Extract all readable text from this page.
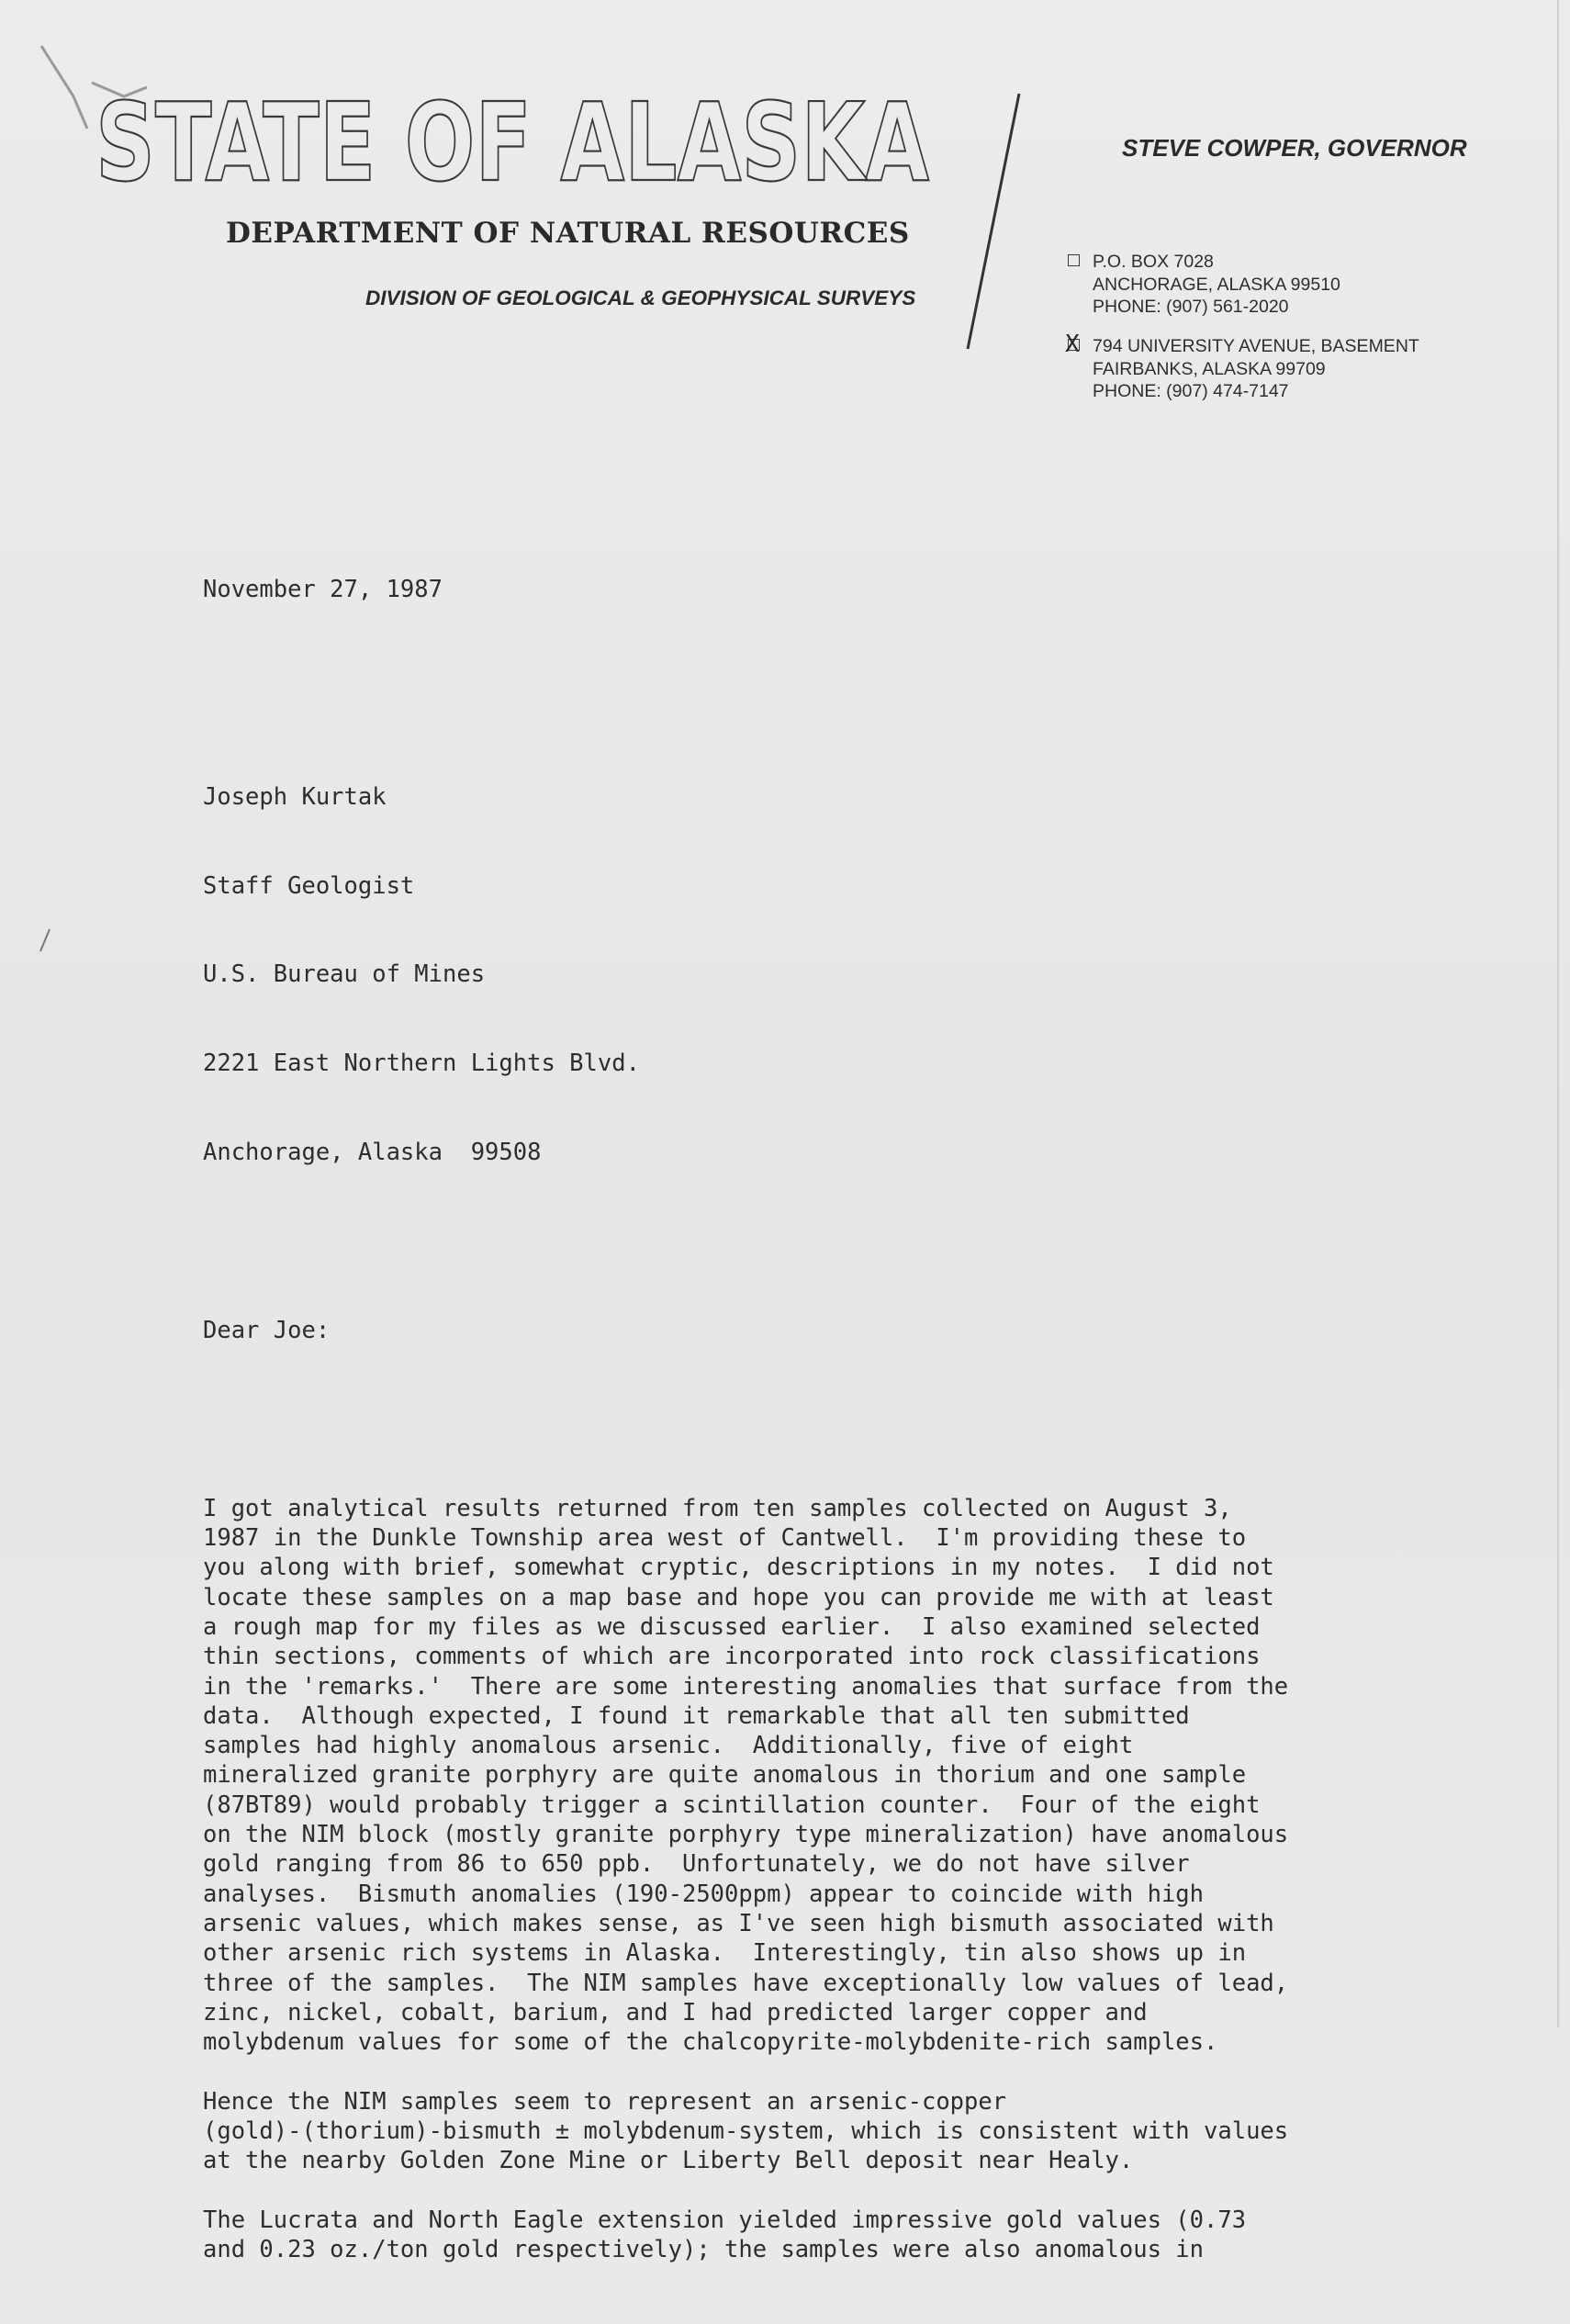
STATE OF ALASKA
DEPARTMENT OF NATURAL RESOURCES
DIVISION OF GEOLOGICAL & GEOPHYSICAL SURVEYS
STEVE COWPER, GOVERNOR
P.O. BOX 7028
ANCHORAGE, ALASKA 99510
PHONE: (907) 561-2020
X 794 UNIVERSITY AVENUE, BASEMENT
FAIRBANKS, ALASKA 99709
PHONE: (907) 474-7147

November 27, 1987

Joseph Kurtak

Staff Geologist

U.S. Bureau of Mines

2221 East Northern Lights Blvd.

Anchorage, Alaska  99508

Dear Joe:

I got analytical results returned from ten samples collected on August 3,
1987 in the Dunkle Township area west of Cantwell.  I'm providing these to
you along with brief, somewhat cryptic, descriptions in my notes.  I did not
locate these samples on a map base and hope you can provide me with at least
a rough map for my files as we discussed earlier.  I also examined selected
thin sections, comments of which are incorporated into rock classifications
in the 'remarks.'  There are some interesting anomalies that surface from the
data.  Although expected, I found it remarkable that all ten submitted
samples had highly anomalous arsenic.  Additionally, five of eight
mineralized granite porphyry are quite anomalous in thorium and one sample
(87BT89) would probably trigger a scintillation counter.  Four of the eight
on the NIM block (mostly granite porphyry type mineralization) have anomalous
gold ranging from 86 to 650 ppb.  Unfortunately, we do not have silver
analyses.  Bismuth anomalies (190-2500ppm) appear to coincide with high
arsenic values, which makes sense, as I've seen high bismuth associated with
other arsenic rich systems in Alaska.  Interestingly, tin also shows up in
three of the samples.  The NIM samples have exceptionally low values of lead,
zinc, nickel, cobalt, barium, and I had predicted larger copper and
molybdenum values for some of the chalcopyrite-molybdenite-rich samples.
Hence the NIM samples seem to represent an arsenic-copper
(gold)-(thorium)-bismuth ± molybdenum-system, which is consistent with values
at the nearby Golden Zone Mine or Liberty Bell deposit near Healy.
The Lucrata and North Eagle extension yielded impressive gold values (0.73
and 0.23 oz./ton gold respectively); the samples were also anomalous in
